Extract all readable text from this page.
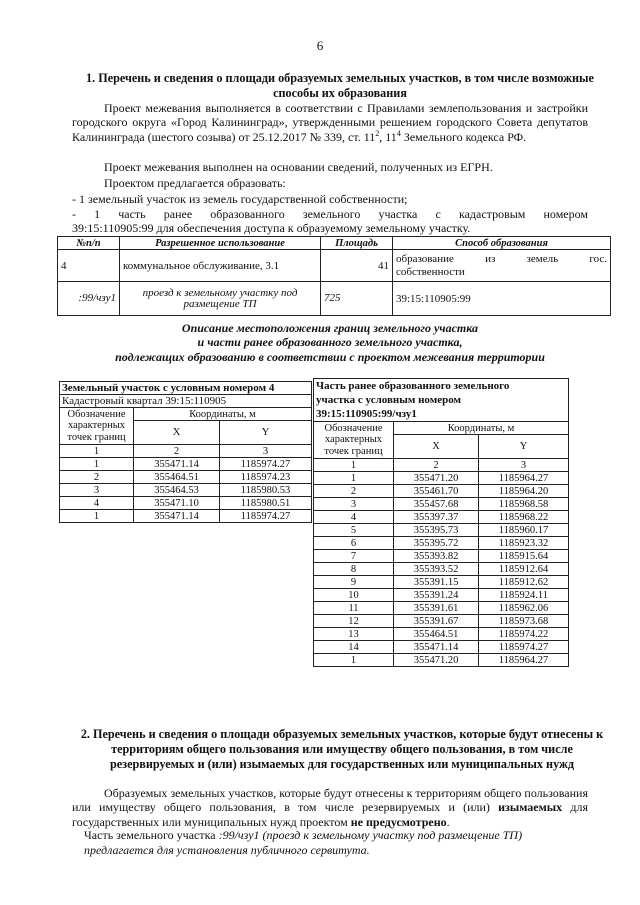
6
1. Перечень и сведения о площади образуемых земельных участков, в том числе возможные способы их образования
Проект межевания выполняется в соответствии с Правилами землепользования и застройки городского округа «Город Калининград», утвержденными решением городского Совета депутатов Калининграда (шестого созыва) от 25.12.2017 № 339, ст. $11^2$, $11^4$ Земельного кодекса РФ.
Проект межевания выполнен на основании сведений, полученных из ЕГРН.
Проектом предлагается образовать:
- 1 земельный участок из земель государственной собственности;
- 1 часть ранее образованного земельного участка с кадастровым номером
39:15:110905:99 для обеспечения доступа к образуемому земельному участку.
№п/п	Разрешенное использование	Площадь	Способ образования
4	коммунальное обслуживание, 3.1	41	образование из земель гос.
собственности
:99/чзу1	проезд к земельному участку под размещение ТП	725	39:15:110905:99
Описание местоположения границ земельного участка
и части ранее образованного земельного участка,
подлежащих образованию в соответствии с проектом межевания территории
Земельный участок с условным номером 4		
Кадастровый квартал 39:15:110905		

Обозначение
характерных
точек границ	Координаты, м	
	X	Y
1	2	3
1	355471.14	1185974.27
2	355464.51	1185974.23
3	355464.53	1185980.53
4	355471.10	1185980.51
1	355471.14	1185974.27
Часть ранее образованного земельного
участка с условным номером
39:15:110905:99/чзу1		

Обозначение
характерных
точек границ	Координаты, м	
	X	Y
1	2	3
1	355471.20	1185964.27
2	355461.70	1185964.20
3	355457.68	1185968.58
4	355397.37	1185968.22
5	355395.73	1185960.17
6	355395.72	1185923.32
7	355393.82	1185915.64
8	355393.52	1185912.64
9	355391.15	1185912.62
10	355391.24	1185924.11
11	355391.61	1185962.06
12	355391.67	1185973.68
13	355464.51	1185974.22
14	355471.14	1185974.27
1	355471.20	1185964.27
2. Перечень и сведения о площади образуемых земельных участков, которые будут отнесены к территориям общего пользования или имуществу общего пользования, в том числе резервируемых и (или) изымаемых для государственных или муниципальных нужд
Образуемых земельных участков, которые будут отнесены к территориям общего пользования или имуществу общего пользования, в том числе резервируемых и (или) изымаемых для государственных или муниципальных нужд проектом не предусмотрено.
Часть земельного участка :99/чзу1 (проезд к земельному участку под размещение ТП) предлагается для установления публичного сервитута.
